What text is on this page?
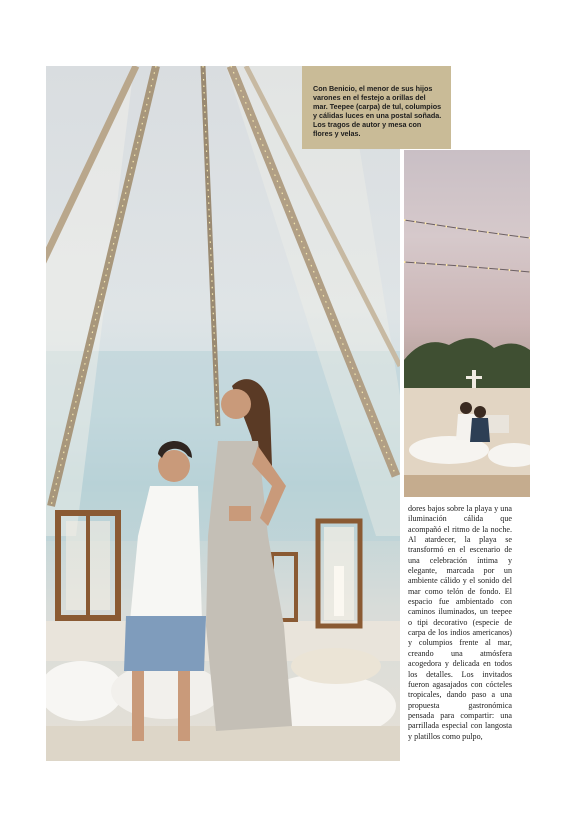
Con Benicio, el menor de sus hijos varones en el festejo a orillas del mar. Teepee (carpa) de tul, columpios y cálidas luces en una postal soñada. Los tragos de autor y mesa con flores y velas.

dores bajos sobre la playa y una iluminación cálida que acompañó el ritmo de la noche. Al atardecer, la playa se transformó en el escenario de una celebración íntima y elegante, marcada por un ambiente cálido y el sonido del mar como telón de fondo. El espacio fue ambientado con caminos iluminados, un teepee o tipi decorativo (especie de carpa de los indios americanos) y columpios frente al mar, creando una atmósfera acogedora y delicada en todos los detalles. Los invitados fueron agasajados con cócteles tropicales, dando paso a una propuesta gastronómica pensada para compartir: una parrillada especial con langosta y platillos como pulpo,
